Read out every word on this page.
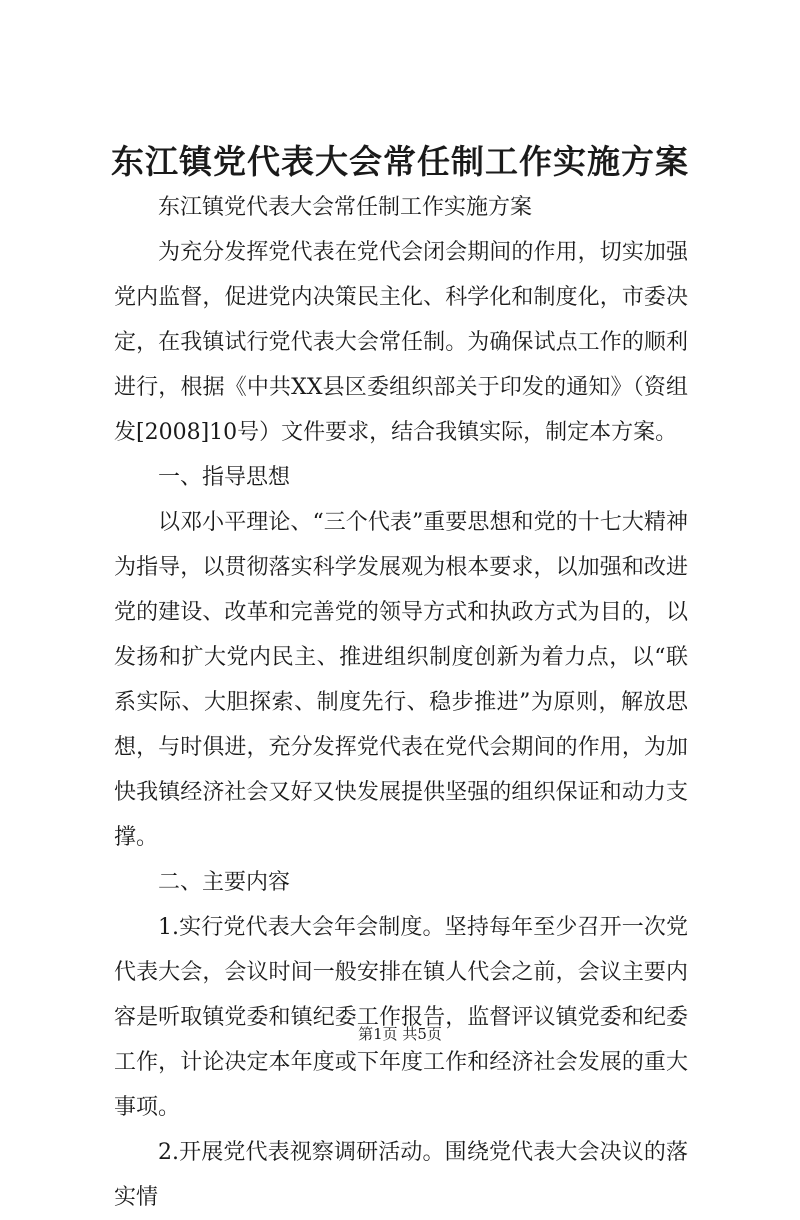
东江镇党代表大会常任制工作实施方案

东江镇党代表大会常任制工作实施方案

为充分发挥党代表在党代会闭会期间的作用，切实加强党内监督，促进党内决策民主化、科学化和制度化，市委决定，在我镇试行党代表大会常任制。为确保试点工作的顺利进行，根据《中共XX县区委组织部关于印发的通知》（资组发[2008]10号）文件要求，结合我镇实际，制定本方案。

一、指导思想

以邓小平理论、“三个代表”重要思想和党的十七大精神为指导，以贯彻落实科学发展观为根本要求，以加强和改进党的建设、改革和完善党的领导方式和执政方式为目的，以发扬和扩大党内民主、推进组织制度创新为着力点，以“联系实际、大胆探索、制度先行、稳步推进”为原则，解放思想，与时俱进，充分发挥党代表在党代会期间的作用，为加快我镇经济社会又好又快发展提供坚强的组织保证和动力支撑。

二、主要内容

1.实行党代表大会年会制度。坚持每年至少召开一次党代表大会，会议时间一般安排在镇人代会之前，会议主要内容是听取镇党委和镇纪委工作报告，监督评议镇党委和纪委工作，计论决定本年度或下年度工作和经济社会发展的重大事项。

2.开展党代表视察调研活动。围绕党代表大会决议的落实情

第1页 共5页
